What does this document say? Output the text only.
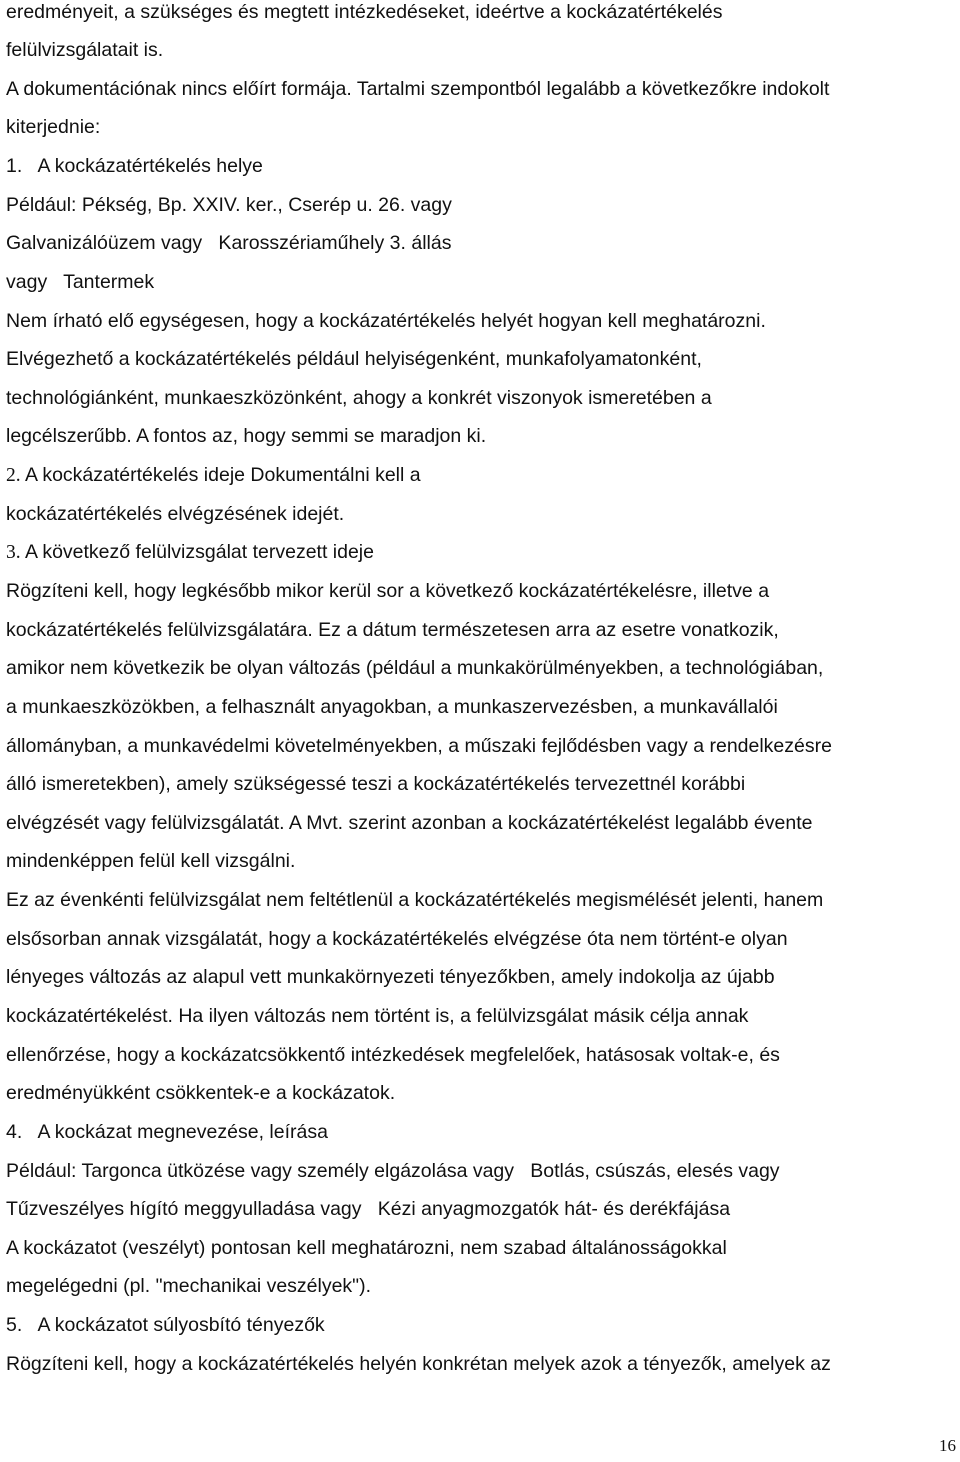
eredményeit, a szükséges és megtett intézkedéseket, ideértve a kockázatértékelés
felülvizsgálatait is.
A dokumentációnak nincs előírt formája. Tartalmi szempontból legalább a következőkre indokolt
kiterjednie:
1.   A kockázatértékelés helye
Például: Pékség, Bp. XXIV. ker., Cserép u. 26. vagy
Galvanizálóüzem vagy   Karosszériaműhely 3. állás
vagy   Tantermek
Nem írható elő egységesen, hogy a kockázatértékelés helyét hogyan kell meghatározni.
Elvégezhető a kockázatértékelés például helyiségenként, munkafolyamatonként,
technológiánként, munkaeszközönként, ahogy a konkrét viszonyok ismeretében a
legcélszerűbb. A fontos az, hogy semmi se maradjon ki.
2. A kockázatértékelés ideje Dokumentálni kell a
kockázatértékelés elvégzésének idejét.
3. A következő felülvizsgálat tervezett ideje
Rögzíteni kell, hogy legkésőbb mikor kerül sor a következő kockázatértékelésre, illetve a
kockázatértékelés felülvizsgálatára. Ez a dátum természetesen arra az esetre vonatkozik,
amikor nem következik be olyan változás (például a munkakörülményekben, a technológiában,
a munkaeszközökben, a felhasznált anyagokban, a munkaszervezésben, a munkavállalói
állományban, a munkavédelmi követelményekben, a műszaki fejlődésben vagy a rendelkezésre
álló ismeretekben), amely szükségessé teszi a kockázatértékelés tervezettnél korábbi
elvégzését vagy felülvizsgálatát. A Mvt. szerint azonban a kockázatértékelést legalább évente
mindenképpen felül kell vizsgálni.
Ez az évenkénti felülvizsgálat nem feltétlenül a kockázatértékelés megismélését jelenti, hanem
elsősorban annak vizsgálatát, hogy a kockázatértékelés elvégzése óta nem történt-e olyan
lényeges változás az alapul vett munkakörnyezeti tényezőkben, amely indokolja az újabb
kockázatértékelést. Ha ilyen változás nem történt is, a felülvizsgálat másik célja annak
ellenőrzése, hogy a kockázatcsökkentő intézkedések megfelelőek, hatásosak voltak-e, és
eredményükként csökkentek-e a kockázatok.
4.   A kockázat megnevezése, leírása
Például: Targonca ütközése vagy személy elgázolása vagy   Botlás, csúszás, elesés vagy
Tűzveszélyes hígító meggyulladása vagy   Kézi anyagmozgatók hát- és derékfájása
A kockázatot (veszélyt) pontosan kell meghatározni, nem szabad általánosságokkal
megelégedni (pl. "mechanikai veszélyek").
5.   A kockázatot súlyosbító tényezők
Rögzíteni kell, hogy a kockázatértékelés helyén konkrétan melyek azok a tényezők, amelyek az
16
